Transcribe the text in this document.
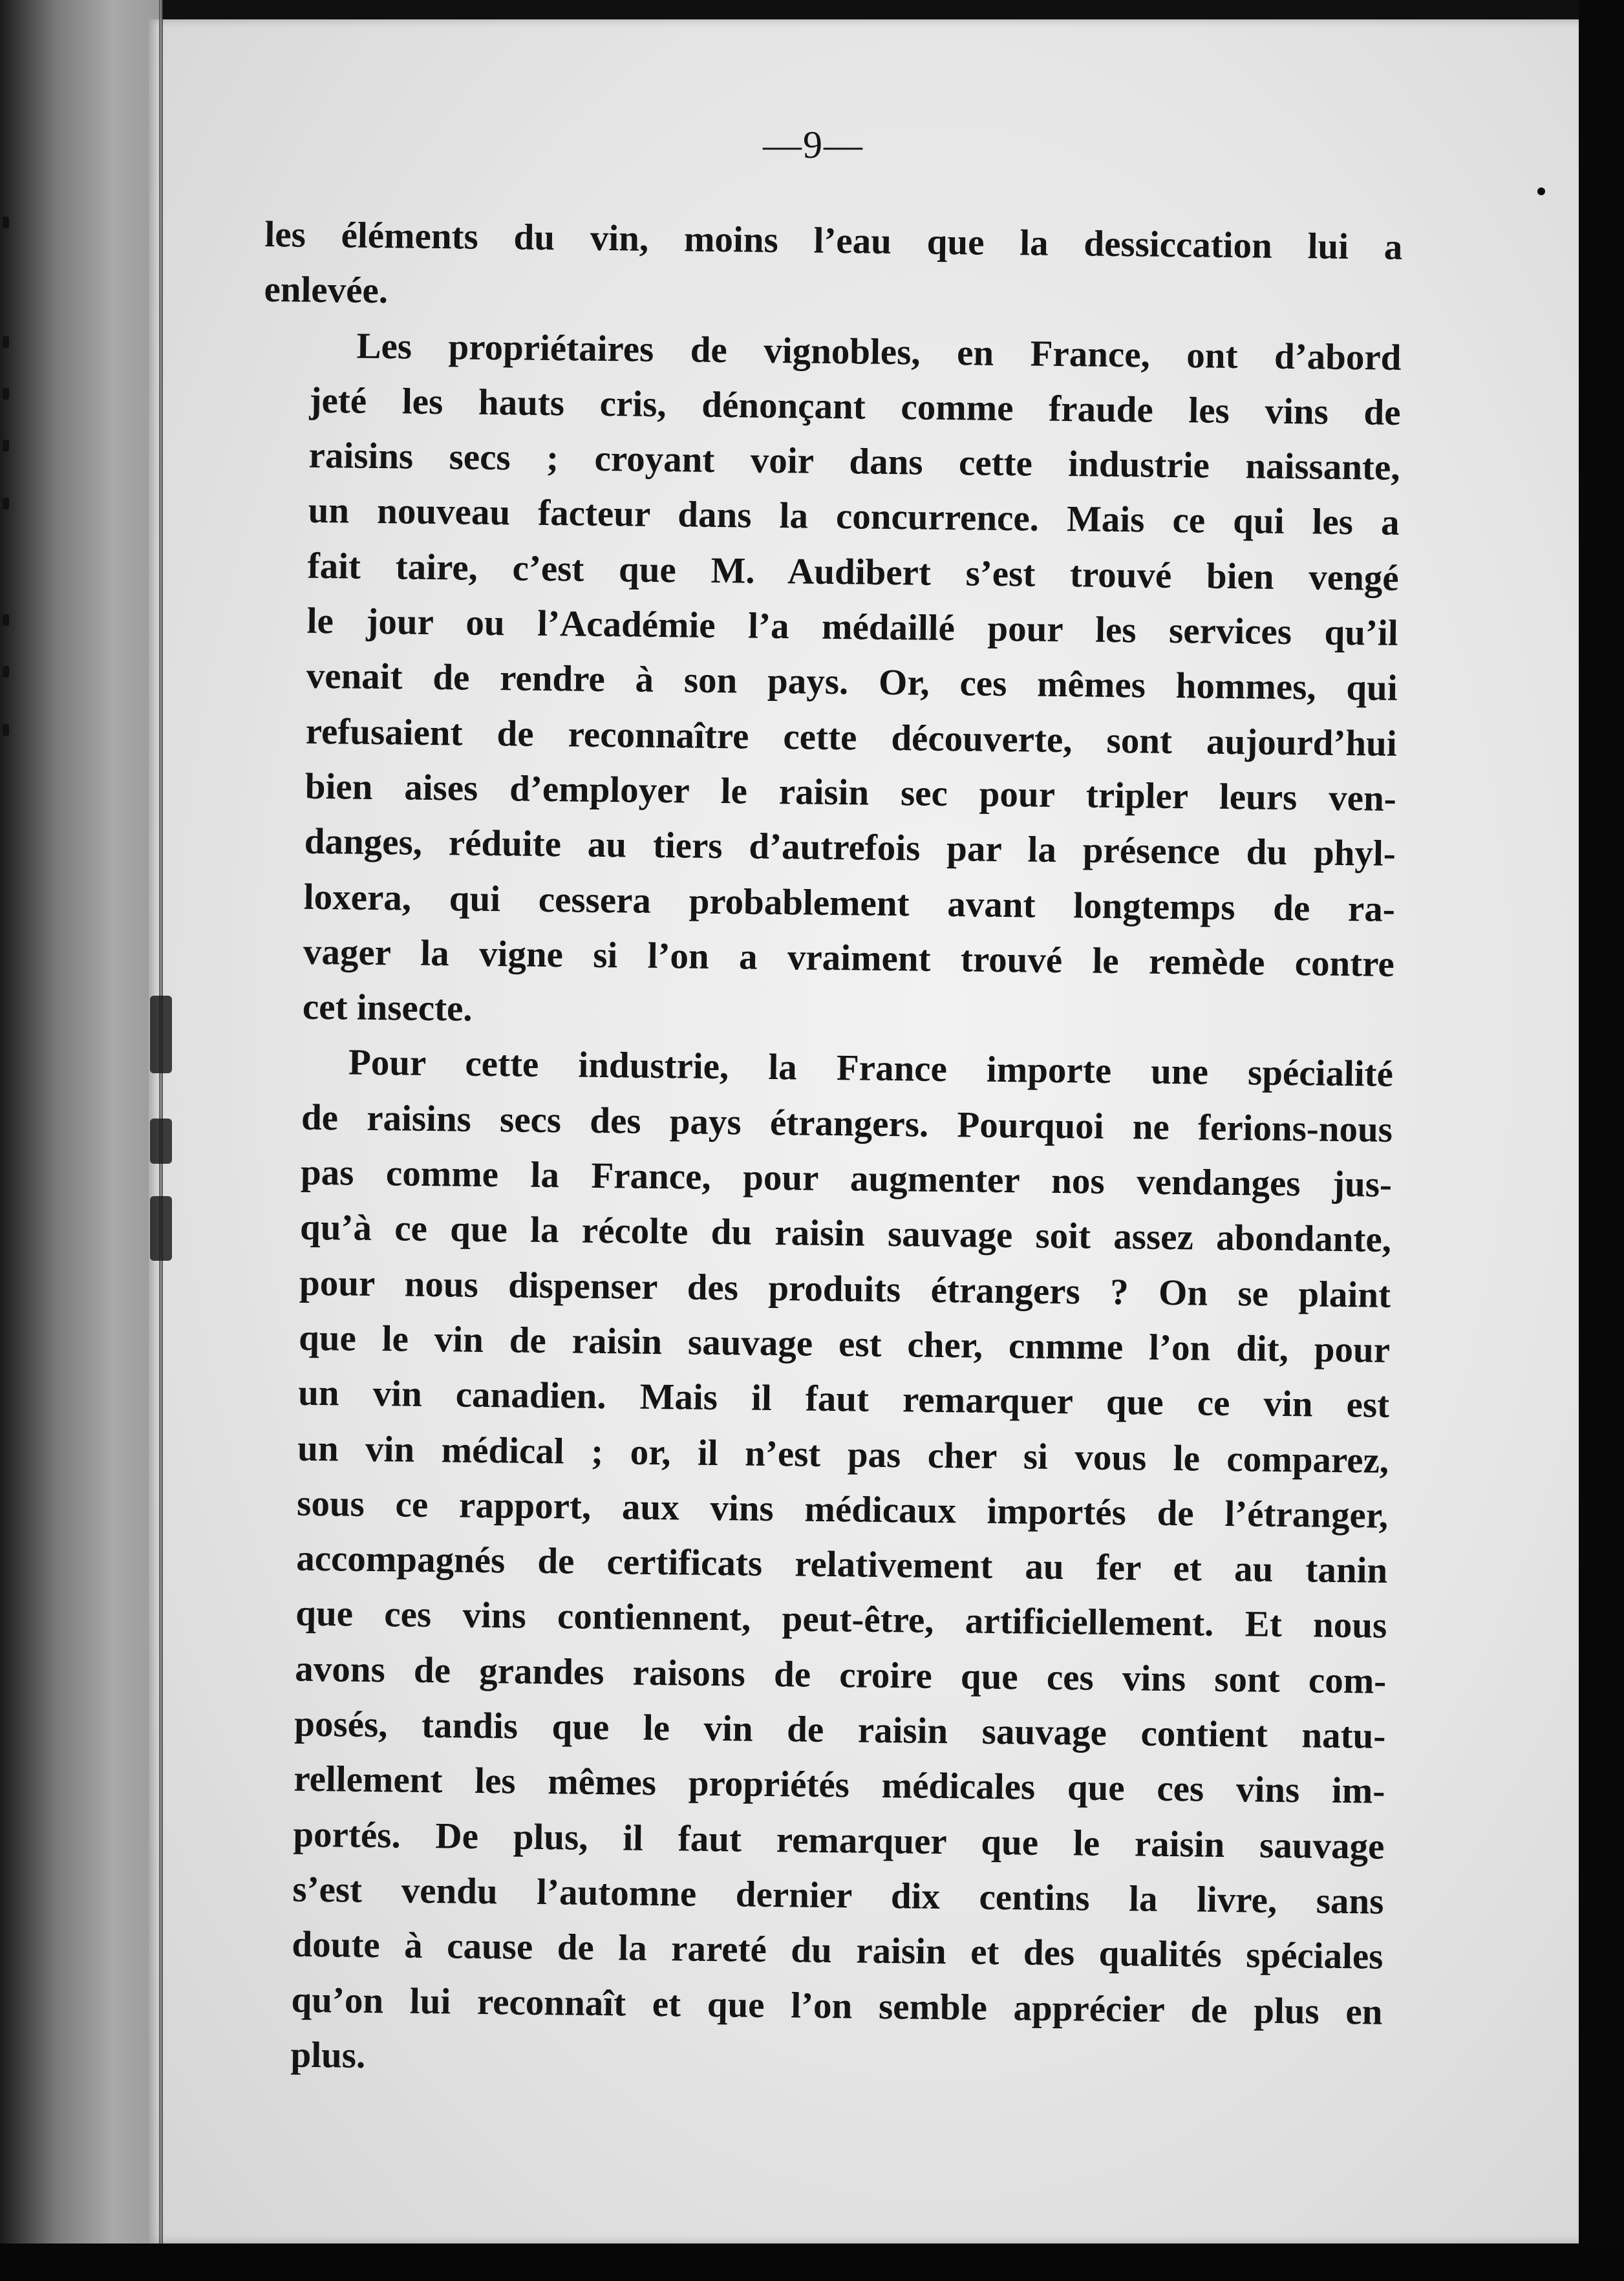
—9—
les éléments du vin, moins l’eau que la dessiccation lui a
enlevée.
Les propriétaires de vignobles, en France, ont d’abord
jeté les hauts cris, dénonçant comme fraude les vins de
raisins secs ; croyant voir dans cette industrie naissante,
un nouveau facteur dans la concurrence. Mais ce qui les a
fait taire, c’est que M. Audibert s’est trouvé bien vengé
le jour ou l’Académie l’a médaillé pour les services qu’il
venait de rendre à son pays. Or, ces mêmes hommes, qui
refusaient de reconnaître cette découverte, sont aujourd’hui
bien aises d’employer le raisin sec pour tripler leurs ven-
danges, réduite au tiers d’autrefois par la présence du phyl-
loxera, qui cessera probablement avant longtemps de ra-
vager la vigne si l’on a vraiment trouvé le remède contre
cet insecte.
Pour cette industrie, la France importe une spécialité
de raisins secs des pays étrangers. Pourquoi ne ferions-nous
pas comme la France, pour augmenter nos vendanges jus-
qu’à ce que la récolte du raisin sauvage soit assez abondante,
pour nous dispenser des produits étrangers ? On se plaint
que le vin de raisin sauvage est cher, cnmme l’on dit, pour
un vin canadien. Mais il faut remarquer que ce vin est
un vin médical ; or, il n’est pas cher si vous le comparez,
sous ce rapport, aux vins médicaux importés de l’étranger,
accompagnés de certificats relativement au fer et au tanin
que ces vins contiennent, peut-être, artificiellement. Et nous
avons de grandes raisons de croire que ces vins sont com-
posés, tandis que le vin de raisin sauvage contient natu-
rellement les mêmes propriétés médicales que ces vins im-
portés. De plus, il faut remarquer que le raisin sauvage
s’est vendu l’automne dernier dix centins la livre, sans
doute à cause de la rareté du raisin et des qualités spéciales
qu’on lui reconnaît et que l’on semble apprécier de plus en
plus.
